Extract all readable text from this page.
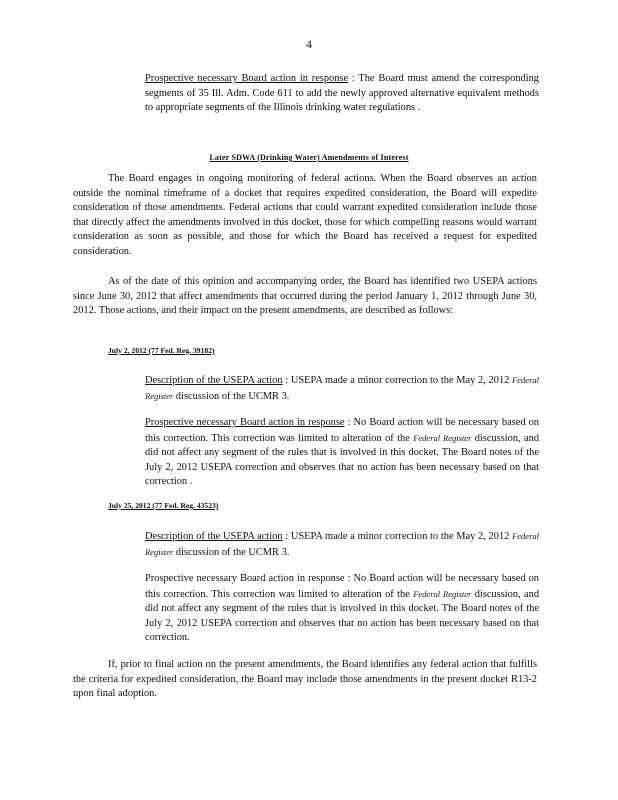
4
Prospective necessary Board action in response : The Board must amend the corresponding segments of 35 Ill. Adm. Code 611 to add the newly approved alternative equivalent methods to appropriate segments of the Illinois drinking water regulations .
Later SDWA (Drinking Water) Amendments of Interest
The Board engages in ongoing monitoring of federal actions. When the Board observes an action outside the nominal timeframe of a docket that requires expedited consideration, the Board will expedite consideration of those amendments. Federal actions that could warrant expedited consideration include those that directly affect the amendments involved in this docket, those for which compelling reasons would warrant consideration as soon as possible, and those for which the Board has received a request for expedited consideration.
As of the date of this opinion and accompanying order, the Board has identified two USEPA actions since June 30, 2012 that affect amendments that occurred during the period January 1, 2012 through June 30, 2012. Those actions, and their impact on the present amendments, are described as follows:
July 2, 2012 (77 Fed. Reg. 39182)
Description of the USEPA action : USEPA made a minor correction to the May 2, 2012 Federal Register discussion of the UCMR 3.
Prospective necessary Board action in response : No Board action will be necessary based on this correction. This correction was limited to alteration of the Federal Register discussion, and did not affect any segment of the rules that is involved in this docket. The Board notes of the July 2, 2012 USEPA correction and observes that no action has been necessary based on that correction .
July 25, 2012 (77 Fed. Reg. 43523)
Description of the USEPA action : USEPA made a minor correction to the May 2, 2012 Federal Register discussion of the UCMR 3.
Prospective necessary Board action in response : No Board action will be necessary based on this correction. This correction was limited to alteration of the Federal Register discussion, and did not affect any segment of the rules that is involved in this docket. The Board notes of the July 2, 2012 USEPA correction and observes that no action has been necessary based on that correction.
If, prior to final action on the present amendments, the Board identifies any federal action that fulfills the criteria for expedited consideration, the Board may include those amendments in the present docket R13-2 upon final adoption.
